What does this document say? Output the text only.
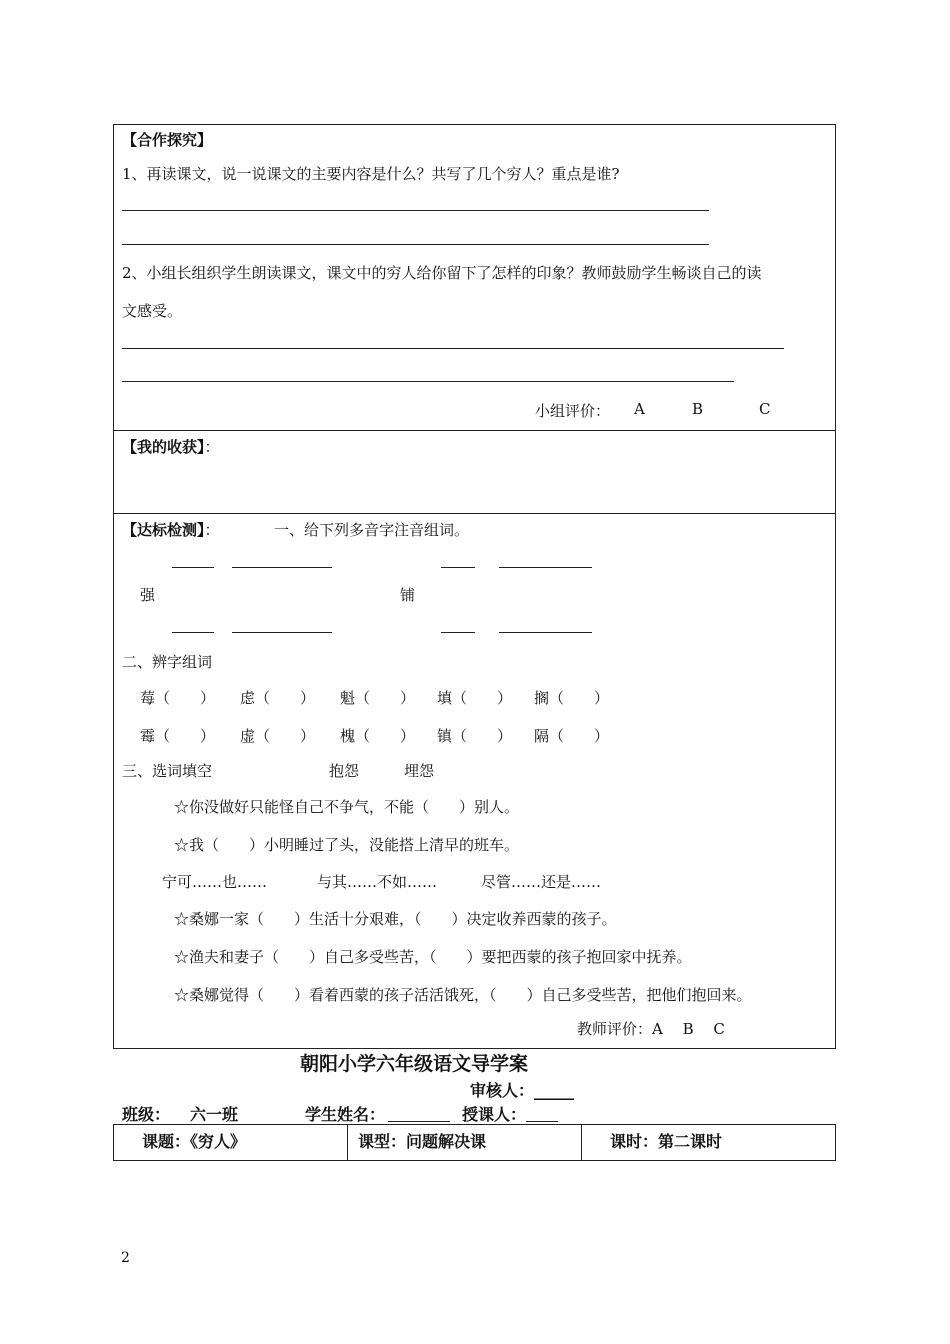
【合作探究】
1、再读课文，说一说课文的主要内容是什么？共写了几个穷人？重点是谁?
2、小组长组织学生朗读课文，课文中的穷人给你留下了怎样的印象？教师鼓励学生畅谈自己的读
文感受。
小组评价： A	B	C
【我的收获】：
【达标检测】：	一、给下列多音字注音组词。
强	铺
二、辨字组词
莓（　　） 虑（　　） 魁（　　） 填（　　） 搁（　　）
霉（　　） 虚（　　） 槐（　　） 镇（　　） 隔（　　）
三、选词填空	抱怨	埋怨
☆你没做好只能怪自己不争气，不能（　　）别人。
☆我（　　）小明睡过了头，没能搭上清早的班车。
宁可……也……	与其……不如……	尽管……还是……
☆桑娜一家（　　）生活十分艰难，（　　）决定收养西蒙的孩子。
☆渔夫和妻子（　　）自己多受些苦，（　　）要把西蒙的孩子抱回家中抚养。
☆桑娜觉得（　　）看着西蒙的孩子活活饿死，（　　）自己多受些苦，把他们抱回来。
教师评价：A　 B　 C
朝阳小学六年级语文导学案
审核人：_____
班级： 六一班	学生姓名：	授课人：
课题：《穷人》	课型：问题解决课	课时：第二课时
2
